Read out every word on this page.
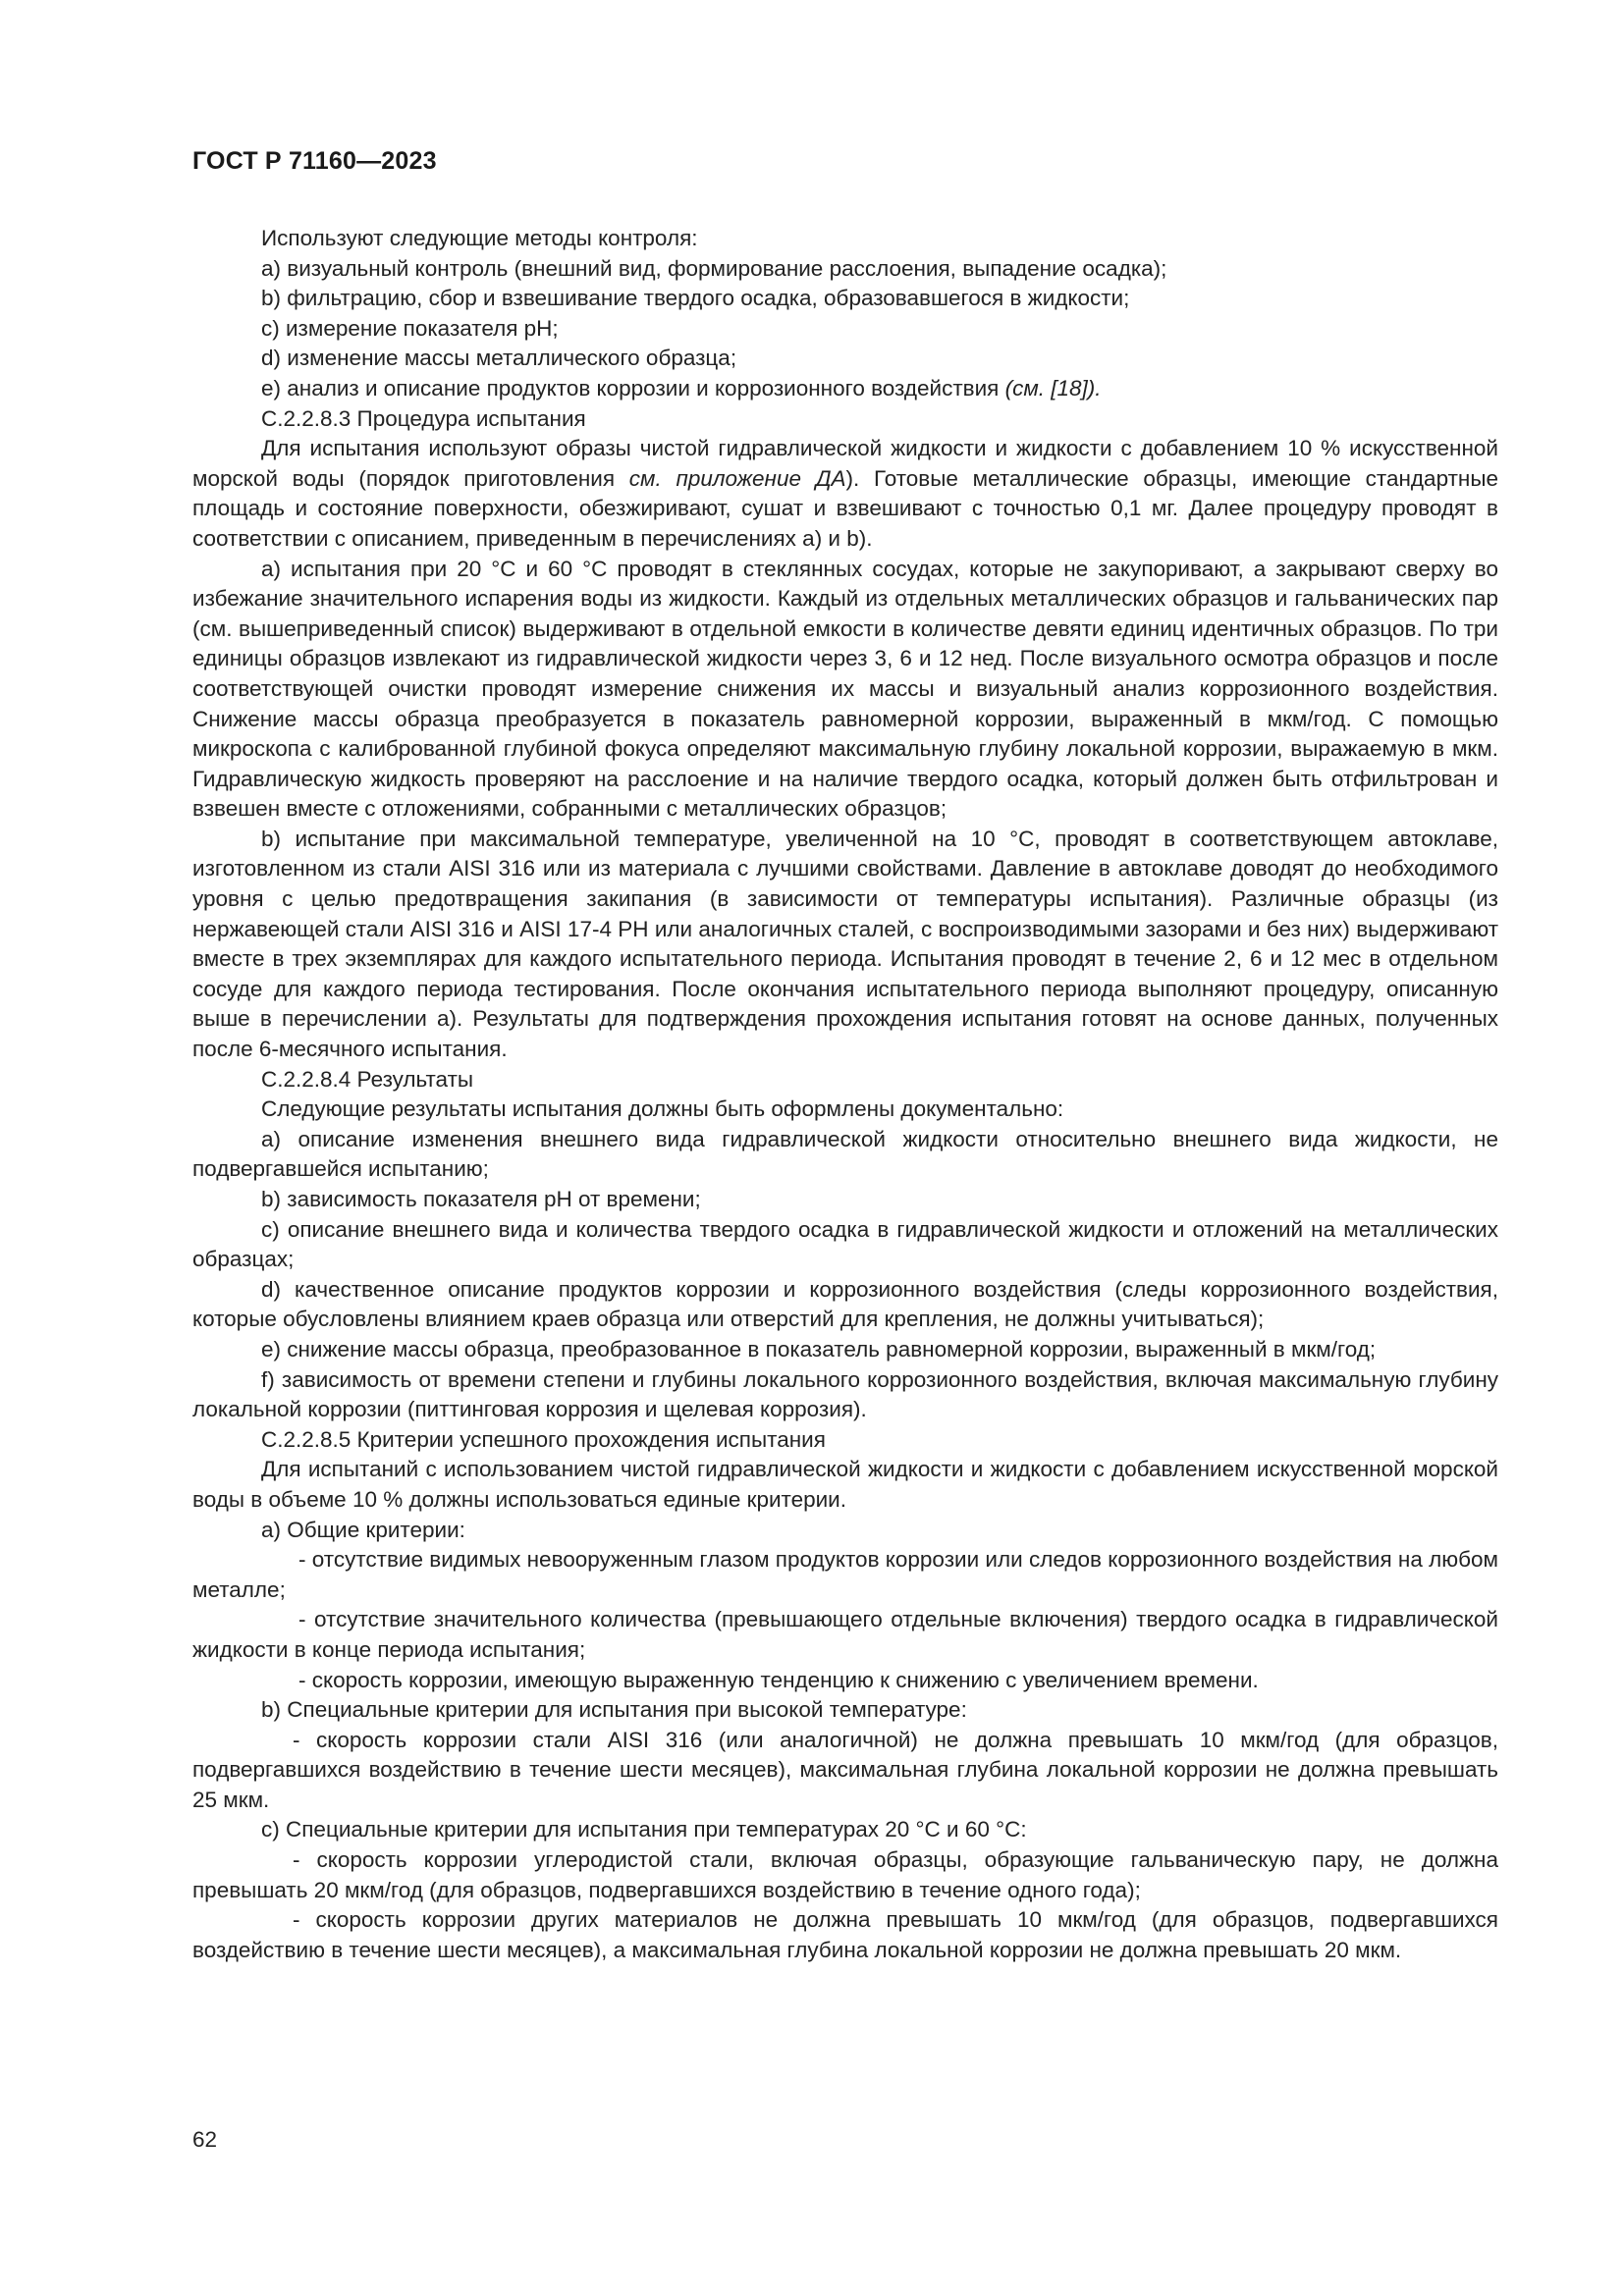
ГОСТ Р 71160—2023

Используют следующие методы контроля:

a) визуальный контроль (внешний вид, формирование расслоения, выпадение осадка);

b) фильтрацию, сбор и взвешивание твердого осадка, образовавшегося в жидкости;

c) измерение показателя pH;

d) изменение массы металлического образца;

e) анализ и описание продуктов коррозии и коррозионного воздействия (см. [18]).

С.2.2.8.3 Процедура испытания

Для испытания используют образы чистой гидравлической жидкости и жидкости с добавлением 10 % искусственной морской воды (порядок приготовления см. приложение ДА). Готовые металлические образцы, имеющие стандартные площадь и состояние поверхности, обезжиривают, сушат и взвешивают с точностью 0,1 мг. Далее процедуру проводят в соответствии с описанием, приведенным в перечислениях a) и b).

a) испытания при 20 °C и 60 °C проводят в стеклянных сосудах, которые не закупоривают, а закрывают сверху во избежание значительного испарения воды из жидкости. Каждый из отдельных металлических образцов и гальванических пар (см. вышеприведенный список) выдерживают в отдельной емкости в количестве девяти единиц идентичных образцов. По три единицы образцов извлекают из гидравлической жидкости через 3, 6 и 12 нед. После визуального осмотра образцов и после соответствующей очистки проводят измерение снижения их массы и визуальный анализ коррозионного воздействия. Снижение массы образца преобразуется в показатель равномерной коррозии, выраженный в мкм/год. С помощью микроскопа с калиброванной глубиной фокуса определяют максимальную глубину локальной коррозии, выражаемую в мкм. Гидравлическую жидкость проверяют на расслоение и на наличие твердого осадка, который должен быть отфильтрован и взвешен вместе с отложениями, собранными с металлических образцов;

b) испытание при максимальной температуре, увеличенной на 10 °C, проводят в соответствующем автоклаве, изготовленном из стали AISI 316 или из материала с лучшими свойствами. Давление в автоклаве доводят до необходимого уровня с целью предотвращения закипания (в зависимости от температуры испытания). Различные образцы (из нержавеющей стали AISI 316 и AISI 17-4 PH или аналогичных сталей, с воспроизводимыми зазорами и без них) выдерживают вместе в трех экземплярах для каждого испытательного периода. Испытания проводят в течение 2, 6 и 12 мес в отдельном сосуде для каждого периода тестирования. После окончания испытательного периода выполняют процедуру, описанную выше в перечислении a). Результаты для подтверждения прохождения испытания готовят на основе данных, полученных после 6-месячного испытания.

С.2.2.8.4 Результаты

Следующие результаты испытания должны быть оформлены документально:

a) описание изменения внешнего вида гидравлической жидкости относительно внешнего вида жидкости, не подвергавшейся испытанию;

b) зависимость показателя pH от времени;

c) описание внешнего вида и количества твердого осадка в гидравлической жидкости и отложений на металлических образцах;

d) качественное описание продуктов коррозии и коррозионного воздействия (следы коррозионного воздействия, которые обусловлены влиянием краев образца или отверстий для крепления, не должны учитываться);

e) снижение массы образца, преобразованное в показатель равномерной коррозии, выраженный в мкм/год;

f) зависимость от времени степени и глубины локального коррозионного воздействия, включая максимальную глубину локальной коррозии (питтинговая коррозия и щелевая коррозия).

С.2.2.8.5 Критерии успешного прохождения испытания

Для испытаний с использованием чистой гидравлической жидкости и жидкости с добавлением искусственной морской воды в объеме 10 % должны использоваться единые критерии.

a) Общие критерии:

- отсутствие видимых невооруженным глазом продуктов коррозии или следов коррозионного воздействия на любом металле;

- отсутствие значительного количества (превышающего отдельные включения) твердого осадка в гидравлической жидкости в конце периода испытания;

- скорость коррозии, имеющую выраженную тенденцию к снижению с увеличением времени.

b) Специальные критерии для испытания при высокой температуре:

- скорость коррозии стали AISI 316 (или аналогичной) не должна превышать 10 мкм/год (для образцов, подвергавшихся воздействию в течение шести месяцев), максимальная глубина локальной коррозии не должна превышать 25 мкм.

c) Специальные критерии для испытания при температурах 20 °C и 60 °C:

- скорость коррозии углеродистой стали, включая образцы, образующие гальваническую пару, не должна превышать 20 мкм/год (для образцов, подвергавшихся воздействию в течение одного года);

- скорость коррозии других материалов не должна превышать 10 мкм/год (для образцов, подвергавшихся воздействию в течение шести месяцев), а максимальная глубина локальной коррозии не должна превышать 20 мкм.

62
